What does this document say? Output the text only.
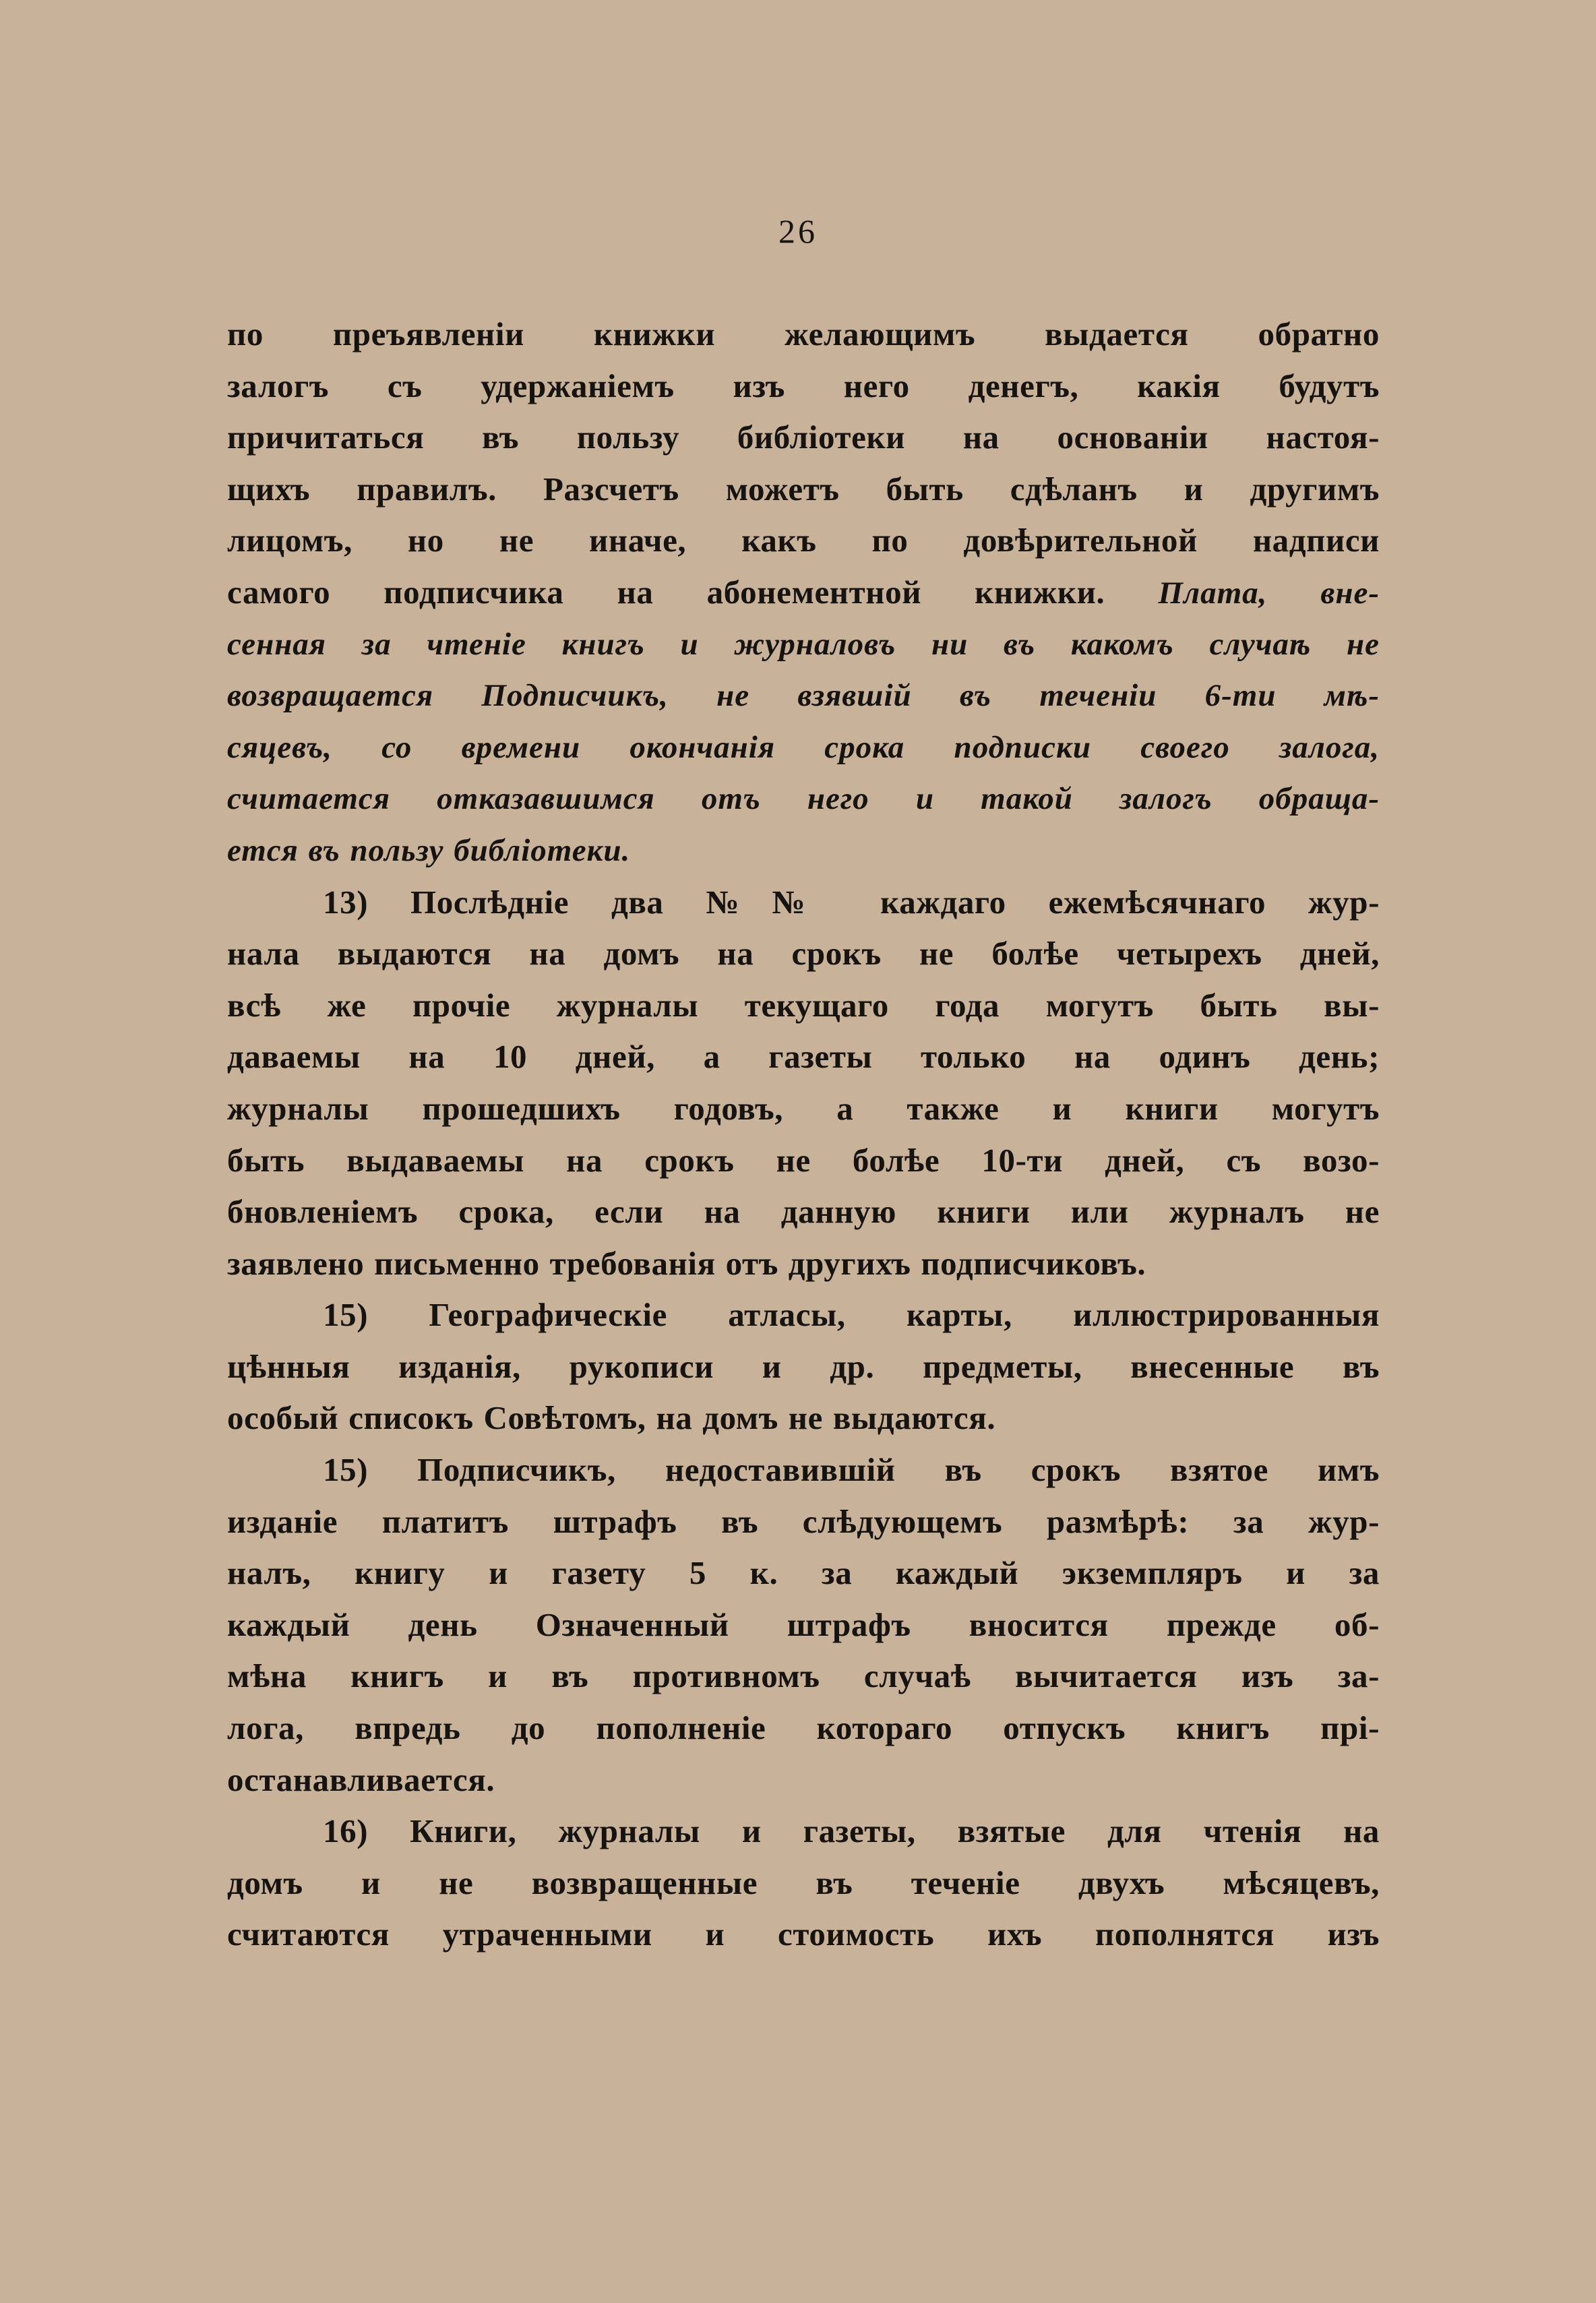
26
по преъявленіи книжки желающимъ выдается обратно
залогъ съ удержаніемъ изъ него денегъ, какія будутъ
причитаться въ пользу библіотеки на основаніи настоя-
щихъ правилъ. Разсчетъ можетъ быть сдѣланъ и другимъ
лицомъ, но не иначе, какъ по довѣрительной надписи
самого подписчика на абонементной книжки. Плата, вне-
сенная за чтеніе книгъ и журналовъ ни въ какомъ случаѣ не
возвращается Подписчикъ, не взявшій въ теченіи 6-ти мѣ-
сяцевъ, со времени окончанія срока подписки своего залога,
считается отказавшимся отъ него и такой залогъ обраща-
ется въ пользу библіотеки.
13) Послѣдніе два №№ каждаго ежемѣсячнаго жур-
нала выдаются на домъ на срокъ не болѣе четырехъ дней,
всѣ же прочіе журналы текущаго года могутъ быть вы-
даваемы на 10 дней, а газеты только на одинъ день;
журналы прошедшихъ годовъ, а также и книги могутъ
быть выдаваемы на срокъ не болѣе 10-ти дней, съ возо-
бновленіемъ срока, если на данную книги или журналъ не
заявлено письменно требованія отъ другихъ подписчиковъ.
15) Географическіе атласы, карты, иллюстрированныя
цѣнныя изданія, рукописи и др. предметы, внесенные въ
особый списокъ Совѣтомъ, на домъ не выдаются.
15) Подписчикъ, недоставившій въ срокъ взятое имъ
изданіе платитъ штрафъ въ слѣдующемъ размѣрѣ: за жур-
налъ, книгу и газету 5 к. за каждый экземпляръ и за
каждый день Означенный штрафъ вносится прежде об-
мѣна книгъ и въ противномъ случаѣ вычитается изъ за-
лога, впредь до пополненіе котораго отпускъ книгъ прі-
останавливается.
16) Книги, журналы и газеты, взятые для чтенія на
домъ и не возвращенные въ теченіе двухъ мѣсяцевъ,
считаются утраченными и стоимость ихъ пополнятся изъ
